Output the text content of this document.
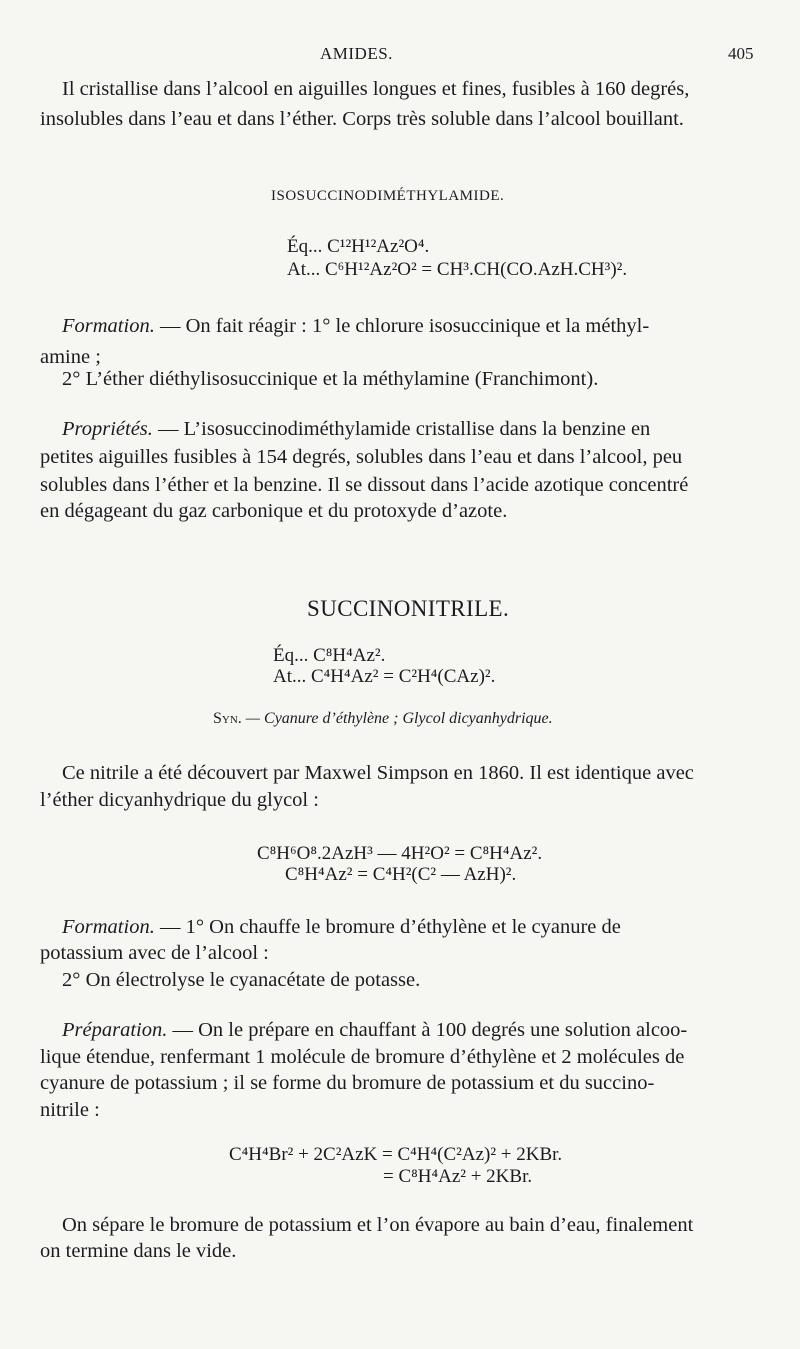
AMIDES.	405
Il cristallise dans l’alcool en aiguilles longues et fines, fusibles à 160 degrés,
insolubles dans l’eau et dans l’éther. Corps très soluble dans l’alcool bouillant.
ISOSUCCINODIMÉTHYLAMIDE.
Éq... C¹²H¹²Az²O⁴.
At... C⁶H¹²Az²O² = CH³.CH(CO.AzH.CH³)².
Formation. — On fait réagir : 1° le chlorure isosuccinique et la méthyl-
amine ;
2° L’éther diéthylisosuccinique et la méthylamine (Franchimont).
Propriétés. — L’isosuccinodiméthylamide cristallise dans la benzine en
petites aiguilles fusibles à 154 degrés, solubles dans l’eau et dans l’alcool, peu
solubles dans l’éther et la benzine. Il se dissout dans l’acide azotique concentré
en dégageant du gaz carbonique et du protoxyde d’azote.
SUCCINONITRILE.
Éq... C⁸H⁴Az².
At... C⁴H⁴Az² = C²H⁴(CAz)².
Syn. — Cyanure d’éthylène ; Glycol dicyanhydrique.
Ce nitrile a été découvert par Maxwel Simpson en 1860. Il est identique avec
l’éther dicyanhydrique du glycol :
C⁸H⁶O⁸.2AzH³ — 4H²O² = C⁸H⁴Az².
C⁸H⁴Az² = C⁴H²(C² — AzH)².
Formation. — 1° On chauffe le bromure d’éthylène et le cyanure de
potassium avec de l’alcool :
2° On électrolyse le cyanacétate de potasse.
Préparation. — On le prépare en chauffant à 100 degrés une solution alcoo-
lique étendue, renfermant 1 molécule de bromure d’éthylène et 2 molécules de
cyanure de potassium ; il se forme du bromure de potassium et du succino-
nitrile :
C⁴H⁴Br² + 2C²AzK = C⁴H⁴(C²Az)² + 2KBr.
= C⁸H⁴Az² + 2KBr.
On sépare le bromure de potassium et l’on évapore au bain d’eau, finalement
on termine dans le vide.
